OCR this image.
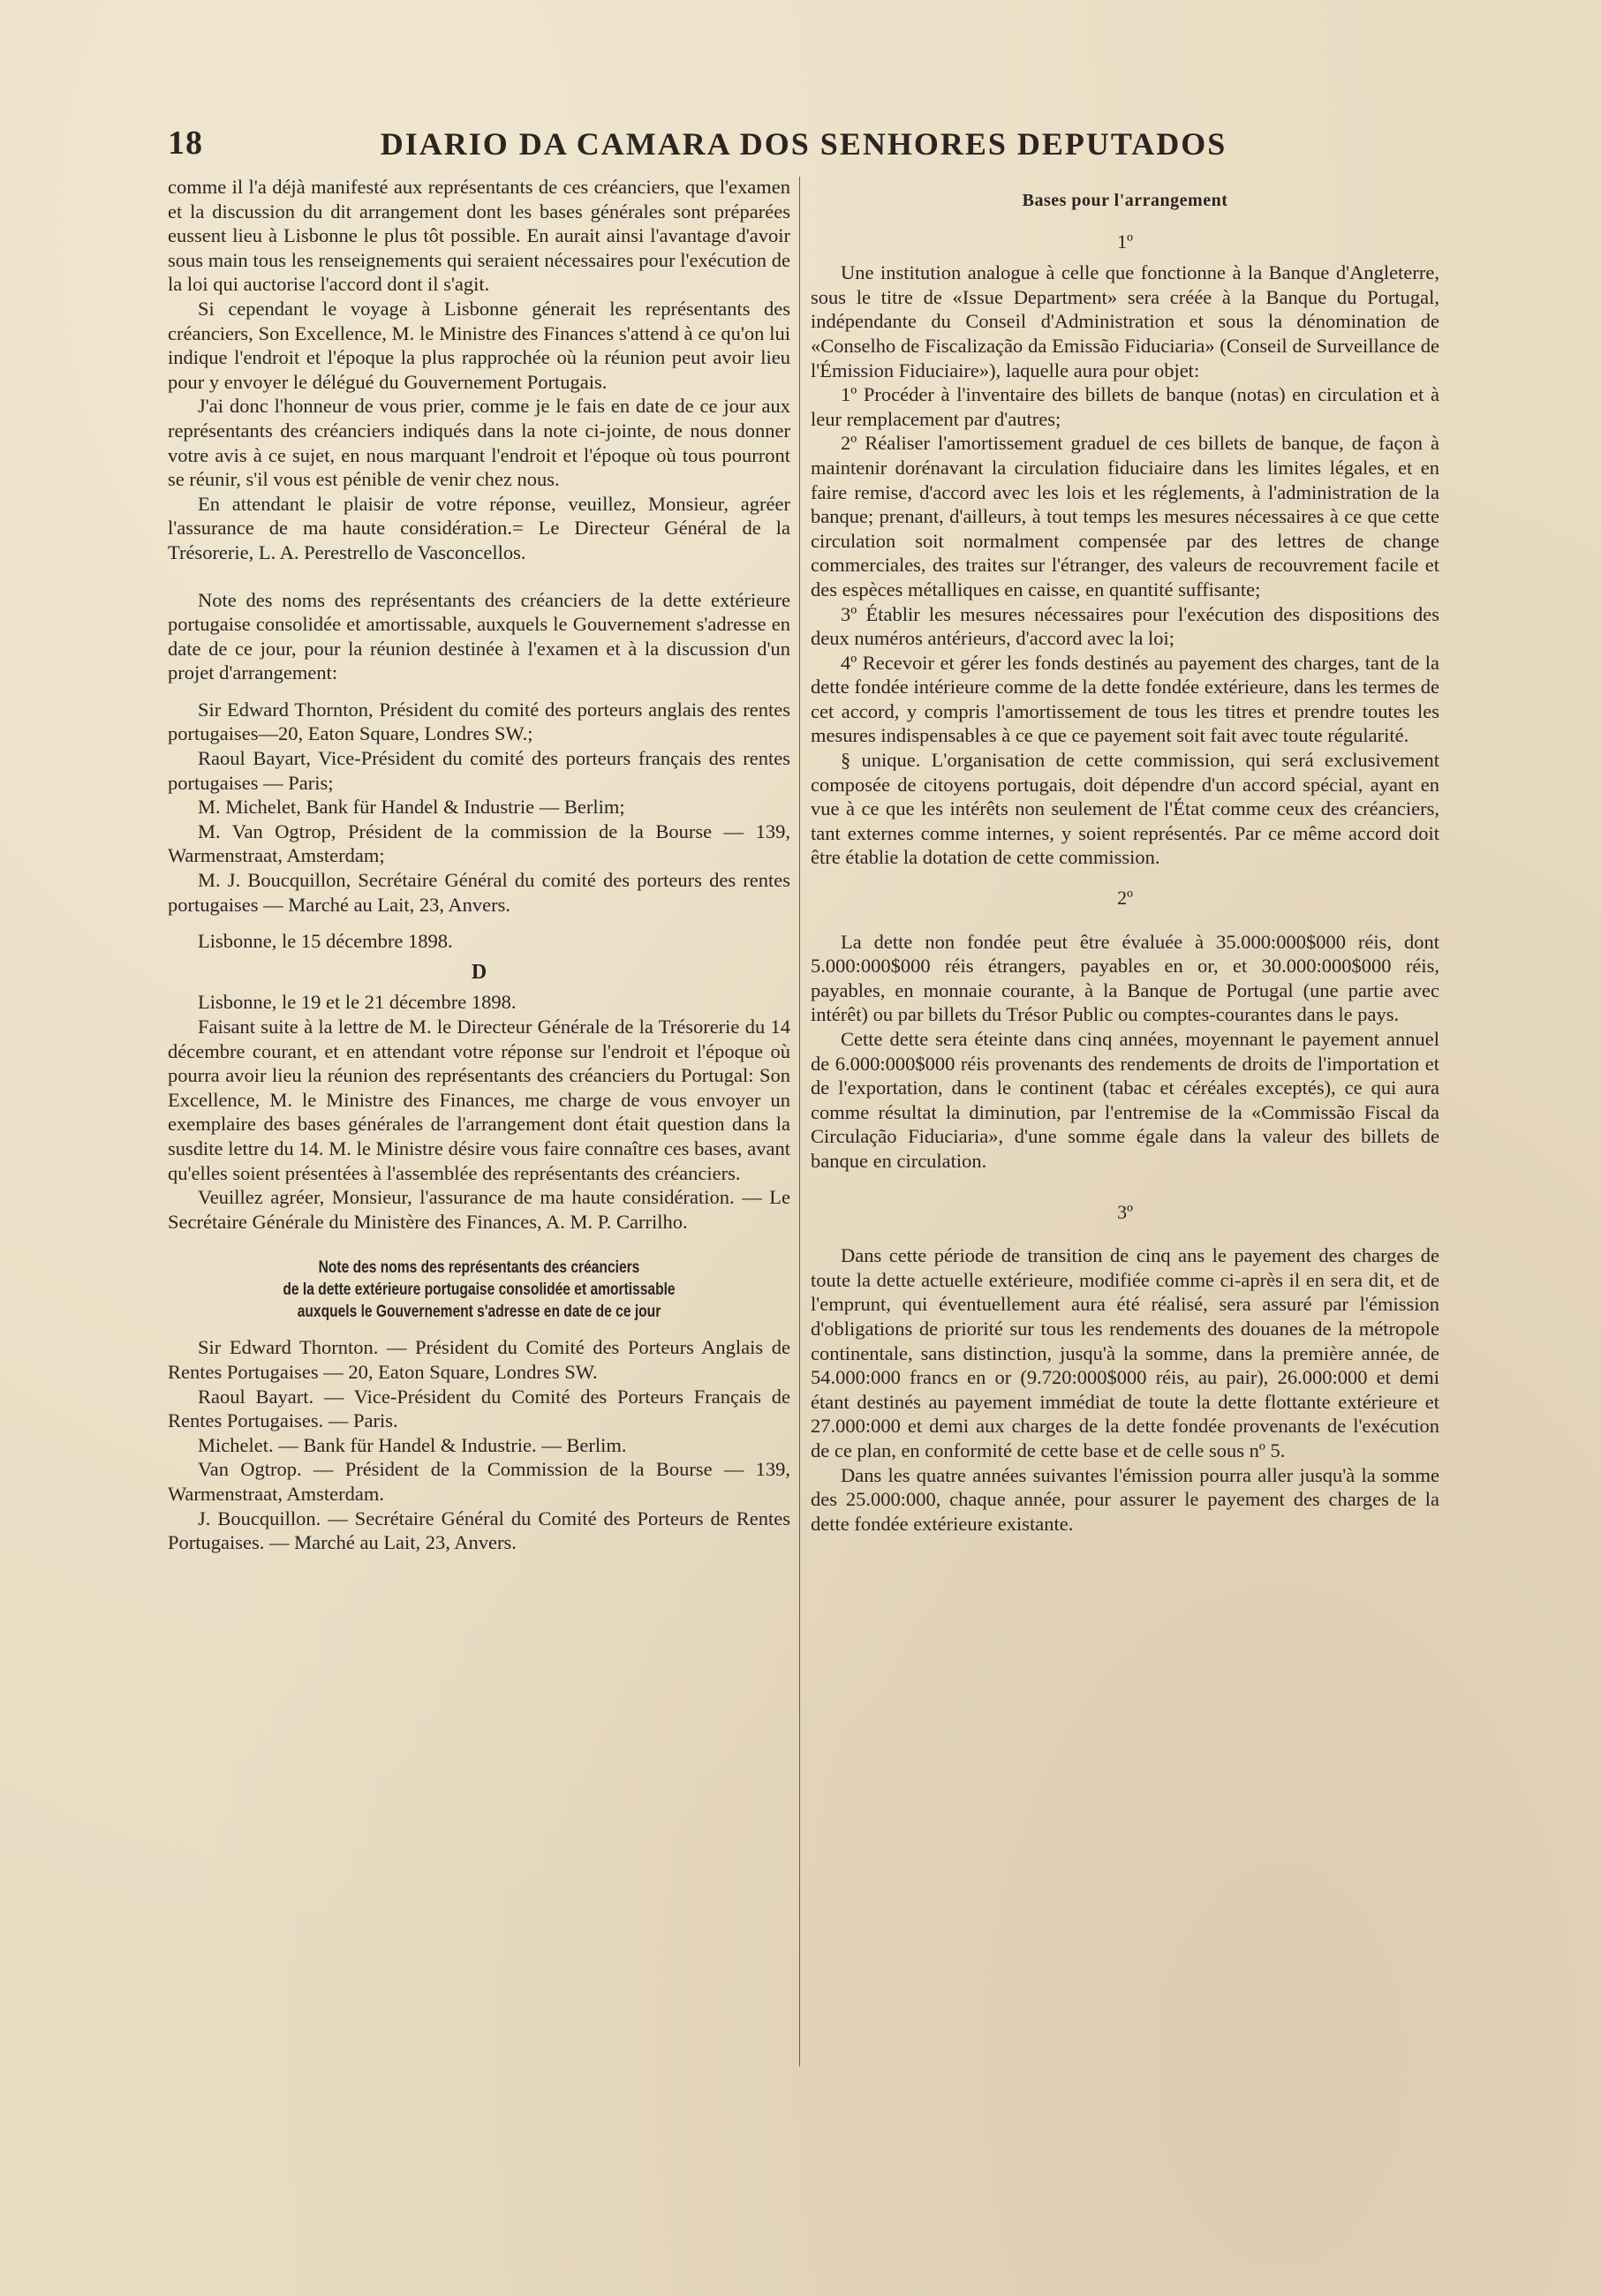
18	DIARIO DA CAMARA DOS SENHORES DEPUTADOS

comme il l'a déjà manifesté aux représentants de ces créanciers, que l'examen et la discussion du dit arrangement dont les bases générales sont préparées eussent lieu à Lisbonne le plus tôt possible. En aurait ainsi l'avantage d'avoir sous main tous les renseignements qui seraient nécessaires pour l'exécution de la loi qui auctorise l'accord dont il s'agit.

Si cependant le voyage à Lisbonne génerait les représentants des créanciers, Son Excellence, M. le Ministre des Finances s'attend à ce qu'on lui indique l'endroit et l'époque la plus rapprochée où la réunion peut avoir lieu pour y envoyer le délégué du Gouvernement Portugais.

J'ai donc l'honneur de vous prier, comme je le fais en date de ce jour aux représentants des créanciers indiqués dans la note ci-jointe, de nous donner votre avis à ce sujet, en nous marquant l'endroit et l'époque où tous pourront se réunir, s'il vous est pénible de venir chez nous.

En attendant le plaisir de votre réponse, veuillez, Monsieur, agréer l'assurance de ma haute considération.= Le Directeur Général de la Trésorerie, L. A. Perestrello de Vasconcellos.

Note des noms des représentants des créanciers de la dette extérieure portugaise consolidée et amortissable, auxquels le Gouvernement s'adresse en date de ce jour, pour la réunion destinée à l'examen et à la discussion d'un projet d'arrangement:

Sir Edward Thornton, Président du comité des porteurs anglais des rentes portugaises—20, Eaton Square, Londres SW.;

Raoul Bayart, Vice-Président du comité des porteurs français des rentes portugaises — Paris;

M. Michelet, Bank für Handel & Industrie — Berlim;

M. Van Ogtrop, Président de la commission de la Bourse — 139, Warmenstraat, Amsterdam;

M. J. Boucquillon, Secrétaire Général du comité des porteurs des rentes portugaises — Marché au Lait, 23, Anvers.

Lisbonne, le 15 décembre 1898.

D

Lisbonne, le 19 et le 21 décembre 1898.

Faisant suite à la lettre de M. le Directeur Générale de la Trésorerie du 14 décembre courant, et en attendant votre réponse sur l'endroit et l'époque où pourra avoir lieu la réunion des représentants des créanciers du Portugal: Son Excellence, M. le Ministre des Finances, me charge de vous envoyer un exemplaire des bases générales de l'arrangement dont était question dans la susdite lettre du 14. M. le Ministre désire vous faire connaître ces bases, avant qu'elles soient présentées à l'assemblée des représentants des créanciers.

Veuillez agréer, Monsieur, l'assurance de ma haute considération. — Le Secrétaire Générale du Ministère des Finances, A. M. P. Carrilho.

Note des noms des représentants des créanciers
de la dette extérieure portugaise consolidée et amortissable
auxquels le Gouvernement s'adresse en date de ce jour

Sir Edward Thornton. — Président du Comité des Porteurs Anglais de Rentes Portugaises — 20, Eaton Square, Londres SW.

Raoul Bayart. — Vice-Président du Comité des Porteurs Français de Rentes Portugaises. — Paris.

Michelet. — Bank für Handel & Industrie. — Berlim.

Van Ogtrop. — Président de la Commission de la Bourse — 139, Warmenstraat, Amsterdam.

J. Boucquillon. — Secrétaire Général du Comité des Porteurs de Rentes Portugaises. — Marché au Lait, 23, Anvers.

Bases pour l'arrangement
1º

Une institution analogue à celle que fonctionne à la Banque d'Angleterre, sous le titre de «Issue Department» sera créée à la Banque du Portugal, indépendante du Conseil d'Administration et sous la dénomination de «Conselho de Fiscalização da Emissão Fiduciaria» (Conseil de Surveillance de l'Émission Fiduciaire»), laquelle aura pour objet:

1º Procéder à l'inventaire des billets de banque (notas) en circulation et à leur remplacement par d'autres;

2º Réaliser l'amortissement graduel de ces billets de banque, de façon à maintenir dorénavant la circulation fiduciaire dans les limites légales, et en faire remise, d'accord avec les lois et les réglements, à l'administration de la banque; prenant, d'ailleurs, à tout temps les mesures nécessaires à ce que cette circulation soit normalment compensée par des lettres de change commerciales, des traites sur l'étranger, des valeurs de recouvrement facile et des espèces métalliques en caisse, en quantité suffisante;

3º Établir les mesures nécessaires pour l'exécution des dispositions des deux numéros antérieurs, d'accord avec la loi;

4º Recevoir et gérer les fonds destinés au payement des charges, tant de la dette fondée intérieure comme de la dette fondée extérieure, dans les termes de cet accord, y compris l'amortissement de tous les titres et prendre toutes les mesures indispensables à ce que ce payement soit fait avec toute régularité.

§ unique. L'organisation de cette commission, qui será exclusivement composée de citoyens portugais, doit dépendre d'un accord spécial, ayant en vue à ce que les intérêts non seulement de l'État comme ceux des créanciers, tant externes comme internes, y soient représentés. Par ce même accord doit être établie la dotation de cette commission.

2º

La dette non fondée peut être évaluée à 35.000:000$000 réis, dont 5.000:000$000 réis étrangers, payables en or, et 30.000:000$000 réis, payables, en monnaie courante, à la Banque de Portugal (une partie avec intérêt) ou par billets du Trésor Public ou comptes-courantes dans le pays.

Cette dette sera éteinte dans cinq années, moyennant le payement annuel de 6.000:000$000 réis provenants des rendements de droits de l'importation et de l'exportation, dans le continent (tabac et céréales exceptés), ce qui aura comme résultat la diminution, par l'entremise de la «Commissão Fiscal da Circulação Fiduciaria», d'une somme égale dans la valeur des billets de banque en circulation.

3º

Dans cette période de transition de cinq ans le payement des charges de toute la dette actuelle extérieure, modifiée comme ci-après il en sera dit, et de l'emprunt, qui éventuellement aura été réalisé, sera assuré par l'émission d'obligations de priorité sur tous les rendements des douanes de la métropole continentale, sans distinction, jusqu'à la somme, dans la première année, de 54.000:000 francs en or (9.720:000$000 réis, au pair), 26.000:000 et demi étant destinés au payement immédiat de toute la dette flottante extérieure et 27.000:000 et demi aux charges de la dette fondée provenants de l'exécution de ce plan, en conformité de cette base et de celle sous nº 5.

Dans les quatre années suivantes l'émission pourra aller jusqu'à la somme des 25.000:000, chaque année, pour assurer le payement des charges de la dette fondée extérieure existante.
